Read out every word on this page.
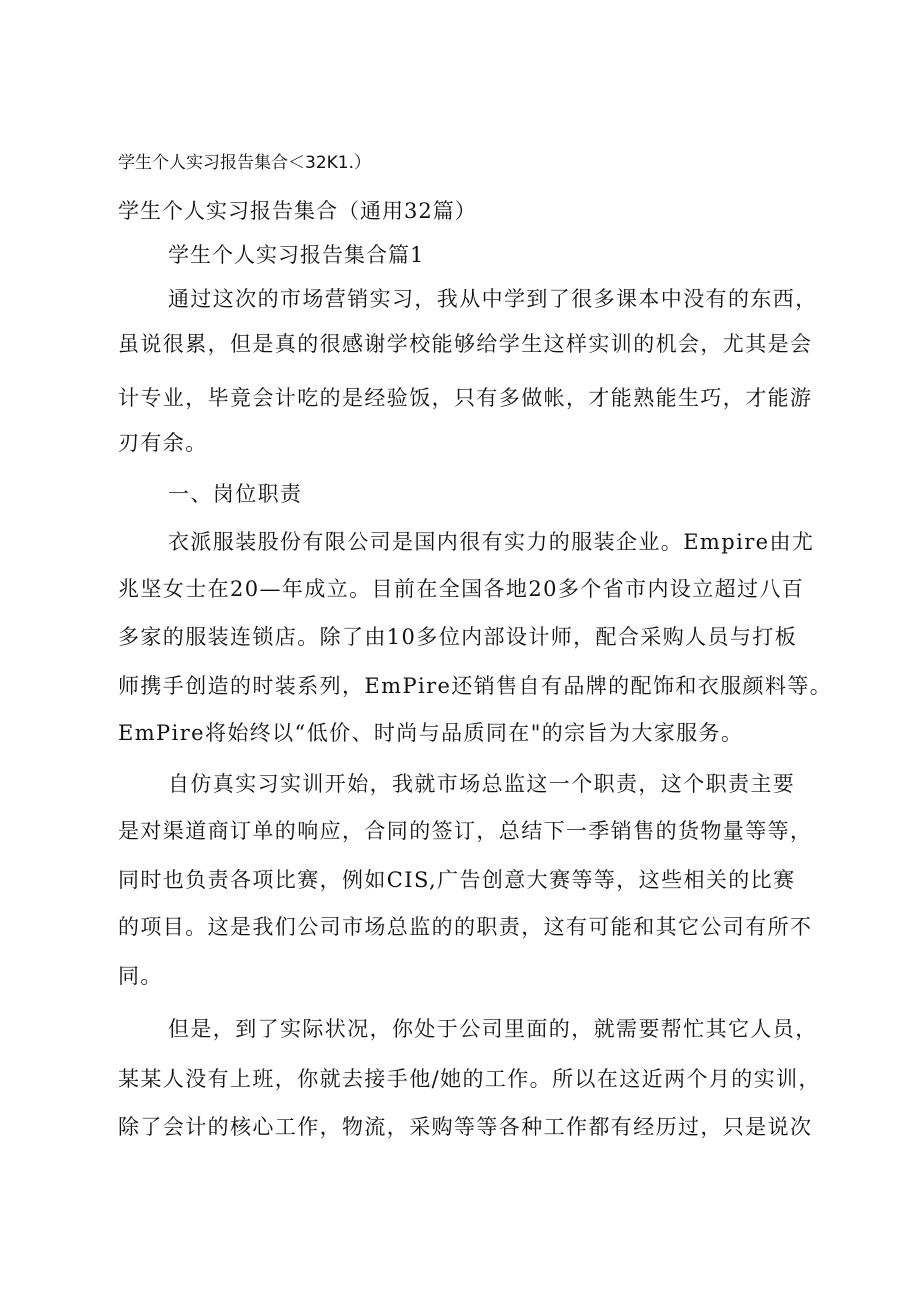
学生个人实习报告集合＜32K1.）
学生个人实习报告集合（通用32篇）
学生个人实习报告集合篇1
通过这次的市场营销实习，我从中学到了很多课本中没有的东西，
虽说很累，但是真的很感谢学校能够给学生这样实训的机会，尤其是会
计专业，毕竟会计吃的是经验饭，只有多做帐，才能熟能生巧，才能游
刃有余。
一、岗位职责
衣派服装股份有限公司是国内很有实力的服装企业。Empire由尤
兆坚女士在20—年成立。目前在全国各地20多个省市内设立超过八百
多家的服装连锁店。除了由10多位内部设计师，配合采购人员与打板
师携手创造的时装系列，EmPire还销售自有品牌的配饰和衣服颜料等。
EmPire将始终以“低价、时尚与品质同在"的宗旨为大家服务。
自仿真实习实训开始，我就市场总监这一个职责，这个职责主要
是对渠道商订单的响应，合同的签订，总结下一季销售的货物量等等，
同时也负责各项比赛，例如CIS,广告创意大赛等等，这些相关的比赛
的项目。这是我们公司市场总监的的职责，这有可能和其它公司有所不
同。
但是，到了实际状况，你处于公司里面的，就需要帮忙其它人员，
某某人没有上班，你就去接手他/她的工作。所以在这近两个月的实训，
除了会计的核心工作，物流，采购等等各种工作都有经历过，只是说次
